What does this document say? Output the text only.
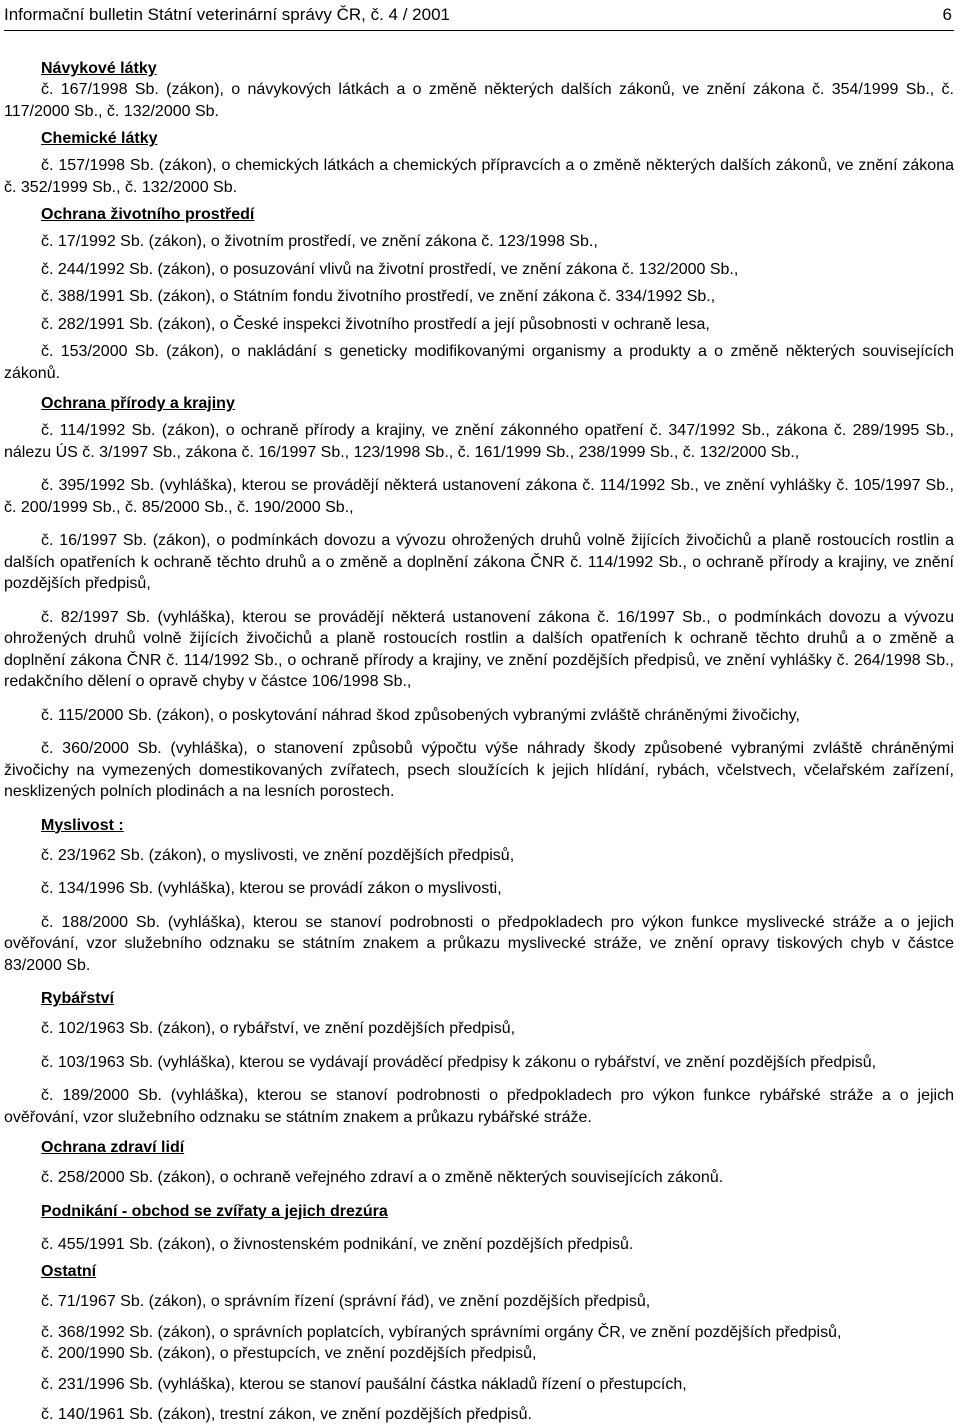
Informační bulletin Státní veterinární správy ČR, č. 4 / 2001	6
Návykové látky

č. 167/1998 Sb. (zákon), o návykových látkách a o změně některých dalších zákonů, ve znění zákona č. 354/1999 Sb., č. 117/2000 Sb., č. 132/2000 Sb.

Chemické látky

č. 157/1998 Sb. (zákon), o chemických látkách a chemických přípravcích a o změně některých dalších zákonů, ve znění zákona č. 352/1999 Sb., č. 132/2000 Sb.

Ochrana životního prostředí

č. 17/1992 Sb. (zákon), o životním prostředí, ve znění zákona č. 123/1998 Sb.,

č. 244/1992 Sb. (zákon), o posuzování vlivů na životní prostředí, ve znění zákona č. 132/2000 Sb.,

č. 388/1991 Sb. (zákon), o Státním fondu životního prostředí, ve znění zákona č. 334/1992 Sb.,

č. 282/1991 Sb. (zákon), o České inspekci životního prostředí a její působnosti v ochraně lesa,

č. 153/2000 Sb. (zákon), o nakládání s geneticky modifikovanými organismy a produkty a o změně některých souvisejících zákonů.

Ochrana přírody a krajiny

č. 114/1992 Sb. (zákon), o ochraně přírody a krajiny, ve znění zákonného opatření č. 347/1992 Sb., zákona č. 289/1995 Sb., nálezu ÚS č. 3/1997 Sb., zákona č. 16/1997 Sb., 123/1998 Sb., č. 161/1999 Sb., 238/1999 Sb., č. 132/2000 Sb.,

č. 395/1992 Sb. (vyhláška), kterou se provádějí některá ustanovení zákona č. 114/1992 Sb., ve znění vyhlášky č. 105/1997 Sb., č. 200/1999 Sb., č. 85/2000 Sb., č. 190/2000 Sb.,

č. 16/1997 Sb. (zákon), o podmínkách dovozu a vývozu ohrožených druhů volně žijících živočichů a planě rostoucích rostlin a dalších opatřeních k ochraně těchto druhů a o změně a doplnění zákona ČNR č. 114/1992 Sb., o ochraně přírody a krajiny, ve znění pozdějších předpisů,

č. 82/1997 Sb. (vyhláška), kterou se provádějí některá ustanovení zákona č. 16/1997 Sb., o podmínkách dovozu a vývozu ohrožených druhů volně žijících živočichů a planě rostoucích rostlin a dalších opatřeních k ochraně těchto druhů a o změně a doplnění zákona ČNR č. 114/1992 Sb., o ochraně přírody a krajiny, ve znění pozdějších předpisů, ve znění vyhlášky č. 264/1998 Sb., redakčního dělení o opravě chyby v částce 106/1998 Sb.,

č. 115/2000 Sb. (zákon), o poskytování náhrad škod způsobených vybranými zvláště chráněnými živočichy,

č. 360/2000 Sb. (vyhláška), o stanovení způsobů výpočtu výše náhrady škody způsobené vybranými zvláště chráněnými živočichy na vymezených domestikovaných zvířatech, psech sloužících k jejich hlídání, rybách, včelstvech, včelařském zařízení, nesklizených polních plodinách a na lesních porostech.

Myslivost :

č. 23/1962 Sb. (zákon), o myslivosti, ve znění pozdějších předpisů,

č. 134/1996 Sb. (vyhláška), kterou se provádí zákon o myslivosti,

č. 188/2000 Sb. (vyhláška), kterou se stanoví podrobnosti o předpokladech pro výkon funkce myslivecké stráže a o jejich ověřování, vzor služebního odznaku se státním znakem a průkazu myslivecké stráže, ve znění opravy tiskových chyb v částce 83/2000 Sb.

Rybářství

č. 102/1963 Sb. (zákon), o rybářství, ve znění pozdějších předpisů,

č. 103/1963 Sb. (vyhláška), kterou se vydávají prováděcí předpisy k zákonu o rybářství, ve znění pozdějších předpisů,

č. 189/2000 Sb. (vyhláška), kterou se stanoví podrobnosti o předpokladech pro výkon funkce rybářské stráže a o jejich ověřování, vzor služebního odznaku se státním znakem a průkazu rybářské stráže.

Ochrana zdraví lidí

č. 258/2000 Sb. (zákon), o ochraně veřejného zdraví a o změně některých souvisejících zákonů.

Podnikání - obchod se zvířaty a jejich drezúra

č. 455/1991 Sb. (zákon), o živnostenském podnikání, ve znění pozdějších předpisů.

Ostatní

č. 71/1967 Sb. (zákon), o správním řízení (správní řád), ve znění pozdějších předpisů,

č. 368/1992 Sb. (zákon), o správních poplatcích, vybíraných správními orgány ČR, ve znění pozdějších předpisů,

č. 200/1990 Sb. (zákon), o přestupcích, ve znění pozdějších předpisů,

č. 231/1996 Sb. (vyhláška), kterou se stanoví paušální částka nákladů řízení o přestupcích,

č. 140/1961 Sb. (zákon), trestní zákon, ve znění pozdějších předpisů.
